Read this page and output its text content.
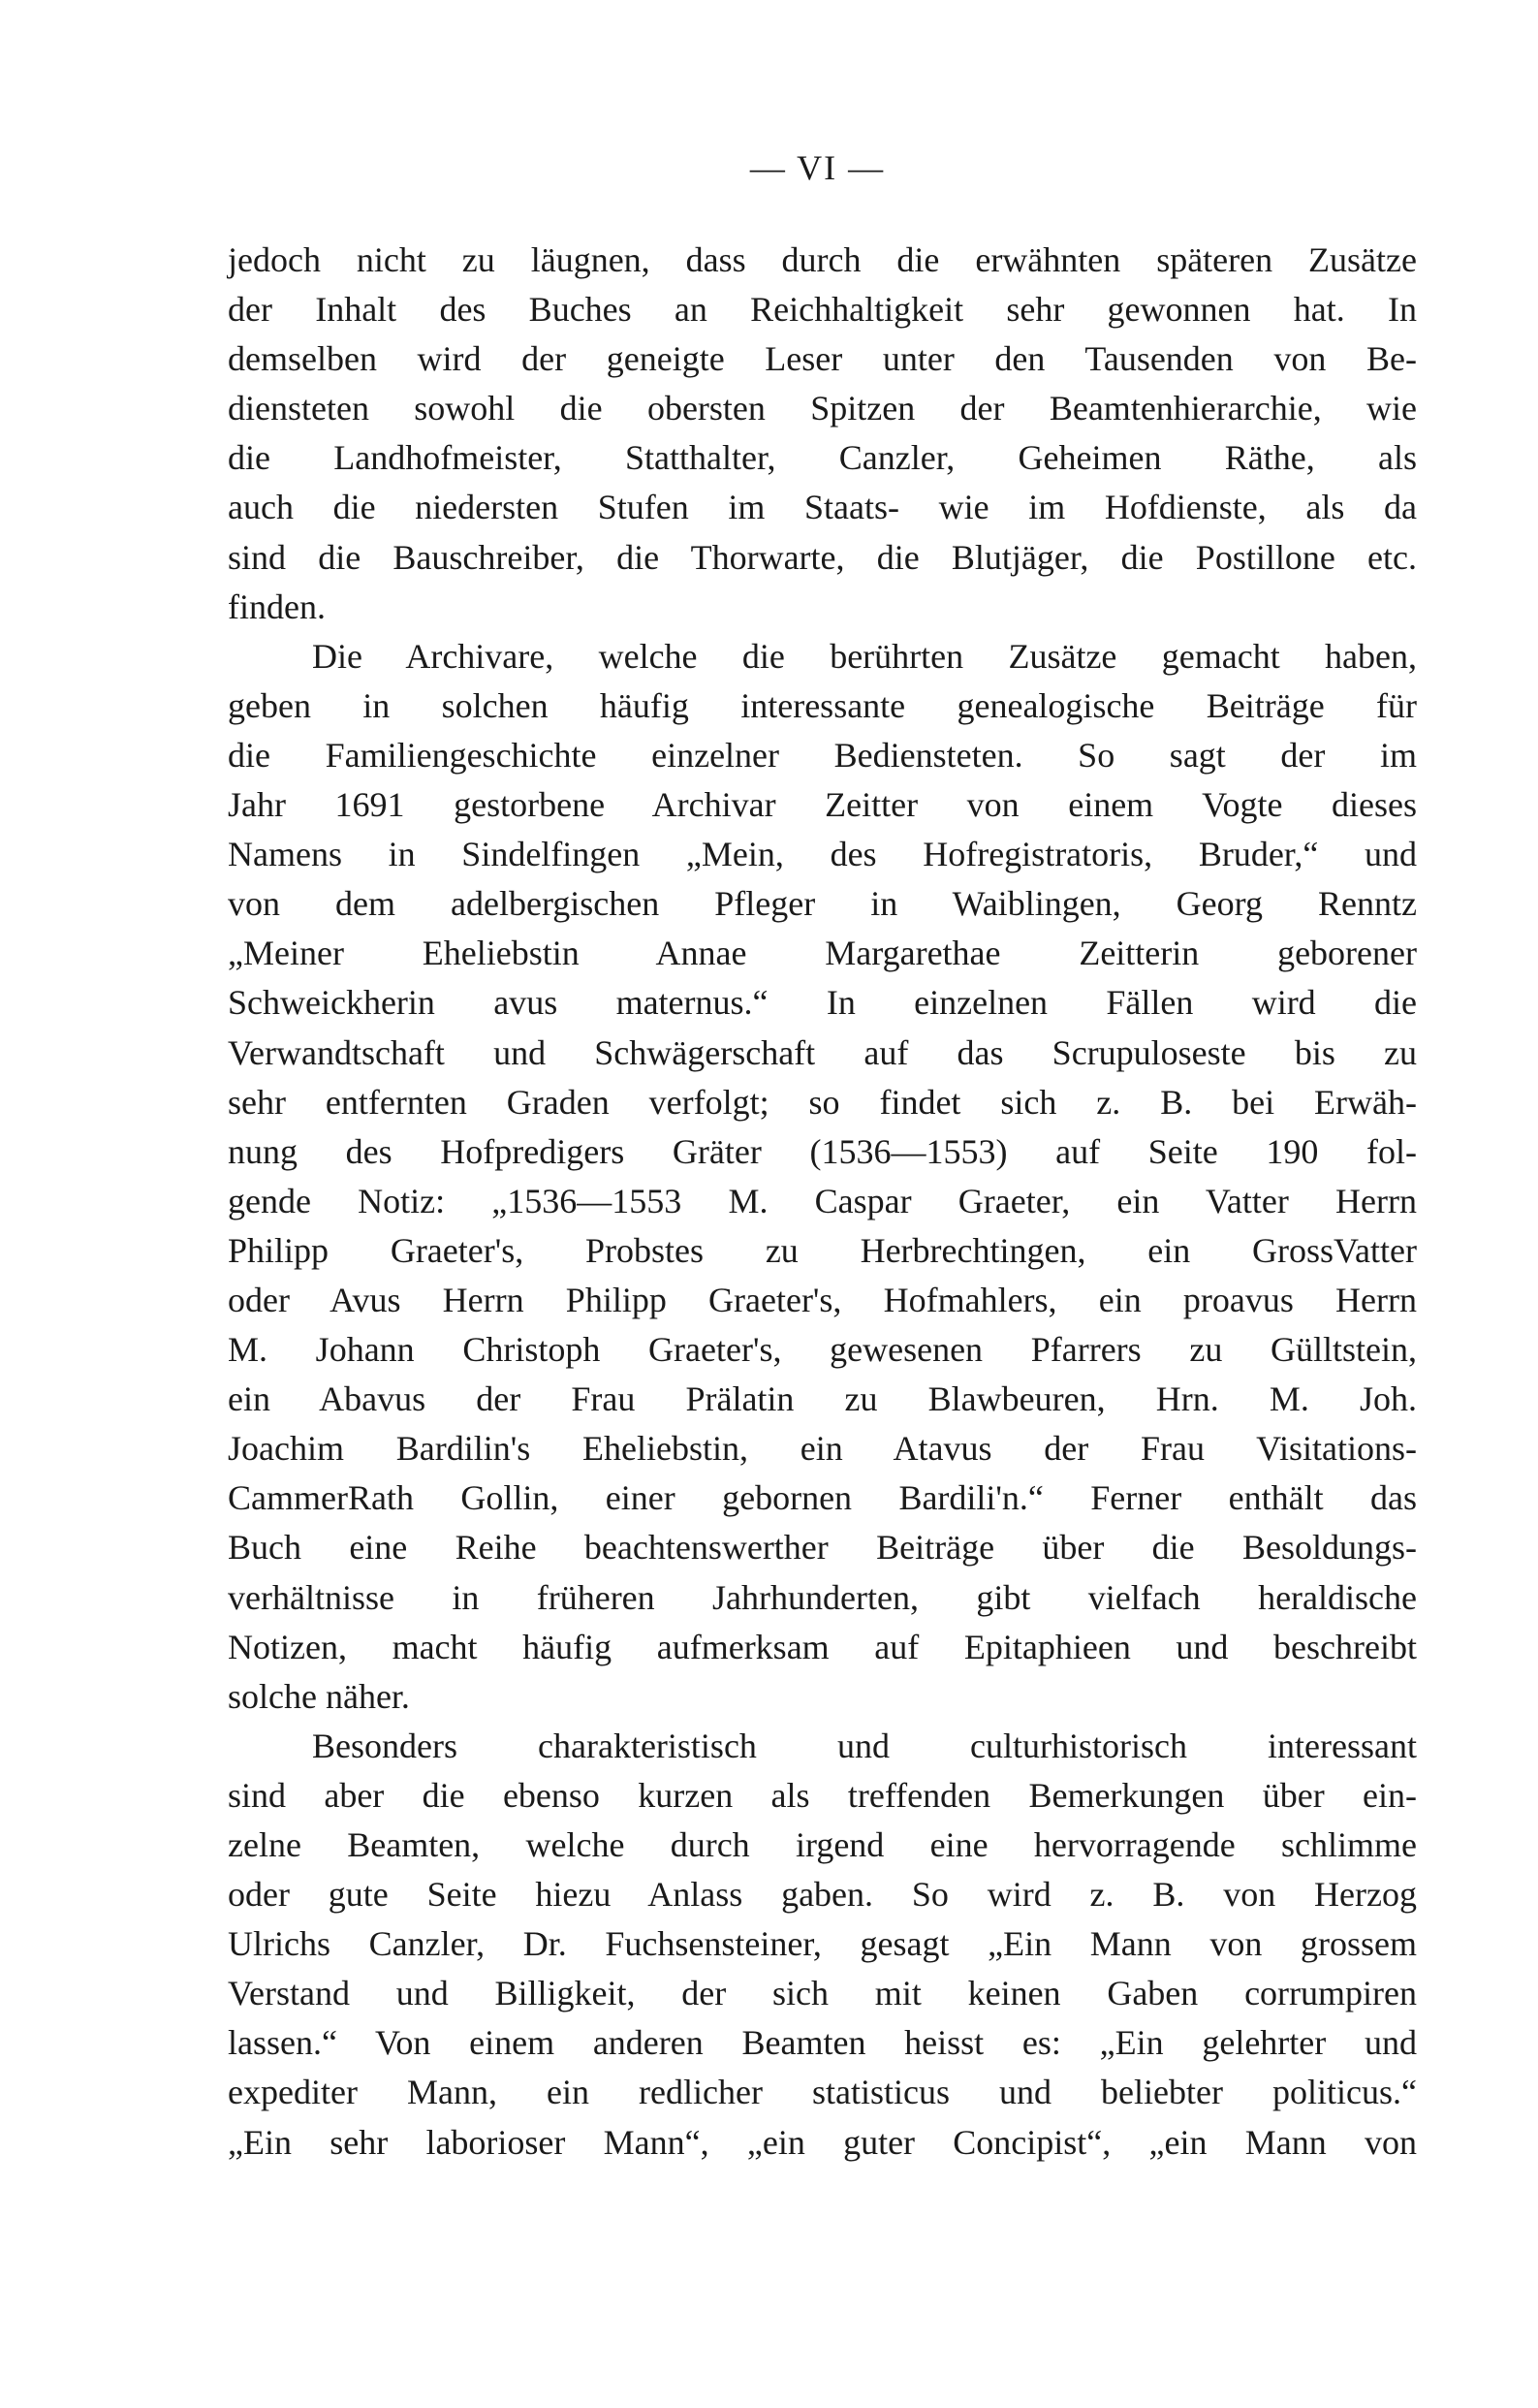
— VI —
jedoch nicht zu läugnen, dass durch die erwähnten späteren Zusätze
der Inhalt des Buches an Reichhaltigkeit sehr gewonnen hat. In
demselben wird der geneigte Leser unter den Tausenden von Be-
diensteten sowohl die obersten Spitzen der Beamtenhierarchie, wie
die Landhofmeister, Statthalter, Canzler, Geheimen Räthe, als
auch die niedersten Stufen im Staats- wie im Hofdienste, als da
sind die Bauschreiber, die Thorwarte, die Blutjäger, die Postillone etc.
finden.
Die Archivare, welche die berührten Zusätze gemacht haben,
geben in solchen häufig interessante genealogische Beiträge für
die Familiengeschichte einzelner Bediensteten. So sagt der im
Jahr 1691 gestorbene Archivar Zeitter von einem Vogte dieses
Namens in Sindelfingen „Mein, des Hofregistratoris, Bruder,“ und
von dem adelbergischen Pfleger in Waiblingen, Georg Renntz
„Meiner Eheliebstin Annae Margarethae Zeitterin geborener
Schweickherin avus maternus.“ In einzelnen Fällen wird die
Verwandtschaft und Schwägerschaft auf das Scrupuloseste bis zu
sehr entfernten Graden verfolgt; so findet sich z. B. bei Erwäh-
nung des Hofpredigers Gräter (1536—1553) auf Seite 190 fol-
gende Notiz: „1536—1553 M. Caspar Graeter, ein Vatter Herrn
Philipp Graeter's, Probstes zu Herbrechtingen, ein GrossVatter
oder Avus Herrn Philipp Graeter's, Hofmahlers, ein proavus Herrn
M. Johann Christoph Graeter's, gewesenen Pfarrers zu Gülltstein,
ein Abavus der Frau Prälatin zu Blawbeuren, Hrn. M. Joh.
Joachim Bardilin's Eheliebstin, ein Atavus der Frau Visitations-
CammerRath Gollin, einer gebornen Bardili'n.“ Ferner enthält das
Buch eine Reihe beachtenswerther Beiträge über die Besoldungs-
verhältnisse in früheren Jahrhunderten, gibt vielfach heraldische
Notizen, macht häufig aufmerksam auf Epitaphieen und beschreibt
solche näher.
Besonders charakteristisch und culturhistorisch interessant
sind aber die ebenso kurzen als treffenden Bemerkungen über ein-
zelne Beamten, welche durch irgend eine hervorragende schlimme
oder gute Seite hiezu Anlass gaben. So wird z. B. von Herzog
Ulrichs Canzler, Dr. Fuchsensteiner, gesagt „Ein Mann von grossem
Verstand und Billigkeit, der sich mit keinen Gaben corrumpiren
lassen.“ Von einem anderen Beamten heisst es: „Ein gelehrter und
expediter Mann, ein redlicher statisticus und beliebter politicus.“
„Ein sehr laborioser Mann“, „ein guter Concipist“, „ein Mann von
